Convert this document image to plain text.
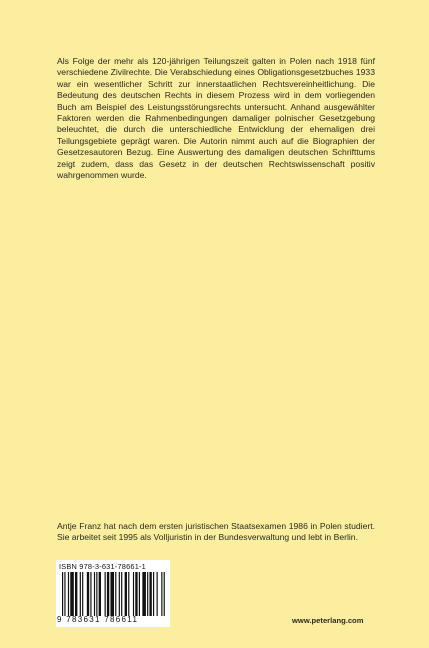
Als Folge der mehr als 120-jährigen Teilungszeit galten in Polen nach 1918 fünf verschiedene Zivilrechte. Die Verabschiedung eines Obligationsgesetzbuches 1933 war ein wesentlicher Schritt zur innerstaatlichen Rechtsvereinheitlichung. Die Bedeutung des deutschen Rechts in diesem Prozess wird in dem vorliegenden Buch am Beispiel des Leistungsstörungsrechts untersucht. Anhand ausgewählter Faktoren werden die Rahmenbedingungen damaliger polnischer Gesetzgebung beleuchtet, die durch die unterschiedliche Entwicklung der ehemaligen drei Teilungsgebiete geprägt waren. Die Autorin nimmt auch auf die Biographien der Gesetzesautoren Bezug. Eine Auswertung des damaligen deutschen Schrifttums zeigt zudem, dass das Gesetz in der deutschen Rechtswissenschaft positiv wahrgenommen wurde.

Antje Franz hat nach dem ersten juristischen Staatsexamen 1986 in Polen studiert. Sie arbeitet seit 1995 als Volljuristin in der Bundesverwaltung und lebt in Berlin.

ISBN 978-3-631-78661-1
9 783631 786611	www.peterlang.com
